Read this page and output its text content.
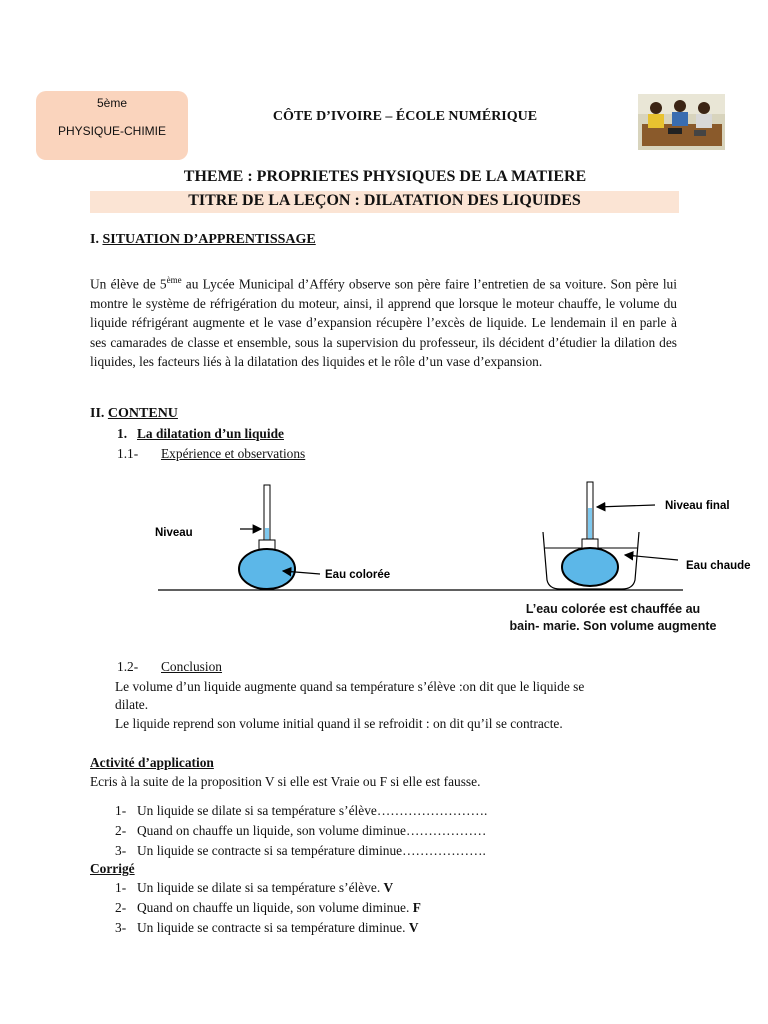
5ème
PHYSIQUE-CHIMIE
CÔTE D’IVOIRE – ÉCOLE NUMÉRIQUE
THEME : PROPRIETES PHYSIQUES DE LA MATIERE
TITRE DE LA LEÇON : DILATATION DES LIQUIDES
I. SITUATION D’APPRENTISSAGE
Un élève de 5ème au Lycée Municipal d’Afféry observe son père faire l’entretien de sa voiture. Son père lui montre le système de réfrigération du moteur, ainsi, il apprend que lorsque le moteur chauffe, le volume du liquide réfrigérant augmente et le vase d’expansion récupère l’excès de liquide. Le lendemain il en parle à ses camarades de classe et ensemble, sous la supervision du professeur, ils décident d’étudier la dilation des liquides, les facteurs liés à la dilatation des liquides et le rôle d’un vase d’expansion.
II. CONTENU
1. La dilatation d’un liquide
1.1- Expérience et observations
Niveau
Eau colorée
Niveau final
Eau chaude
L’eau colorée est chauffée au
bain- marie. Son volume augmente
1.2- Conclusion
Le volume d’un liquide augmente quand sa température s’élève :on dit que le liquide se
dilate.
Le liquide reprend son volume initial quand il se refroidit : on dit qu’il se contracte.
Activité d’application
Ecris à la suite de la proposition V si elle est Vraie ou F si elle est fausse.
1- Un liquide se dilate si sa température s’élève…………………….
2- Quand on chauffe un liquide, son volume diminue………………
3- Un liquide se contracte si sa température diminue……………….
Corrigé
1- Un liquide se dilate si sa température s’élève. V
2- Quand on chauffe un liquide, son volume diminue. F
3- Un liquide se contracte si sa température diminue. V
